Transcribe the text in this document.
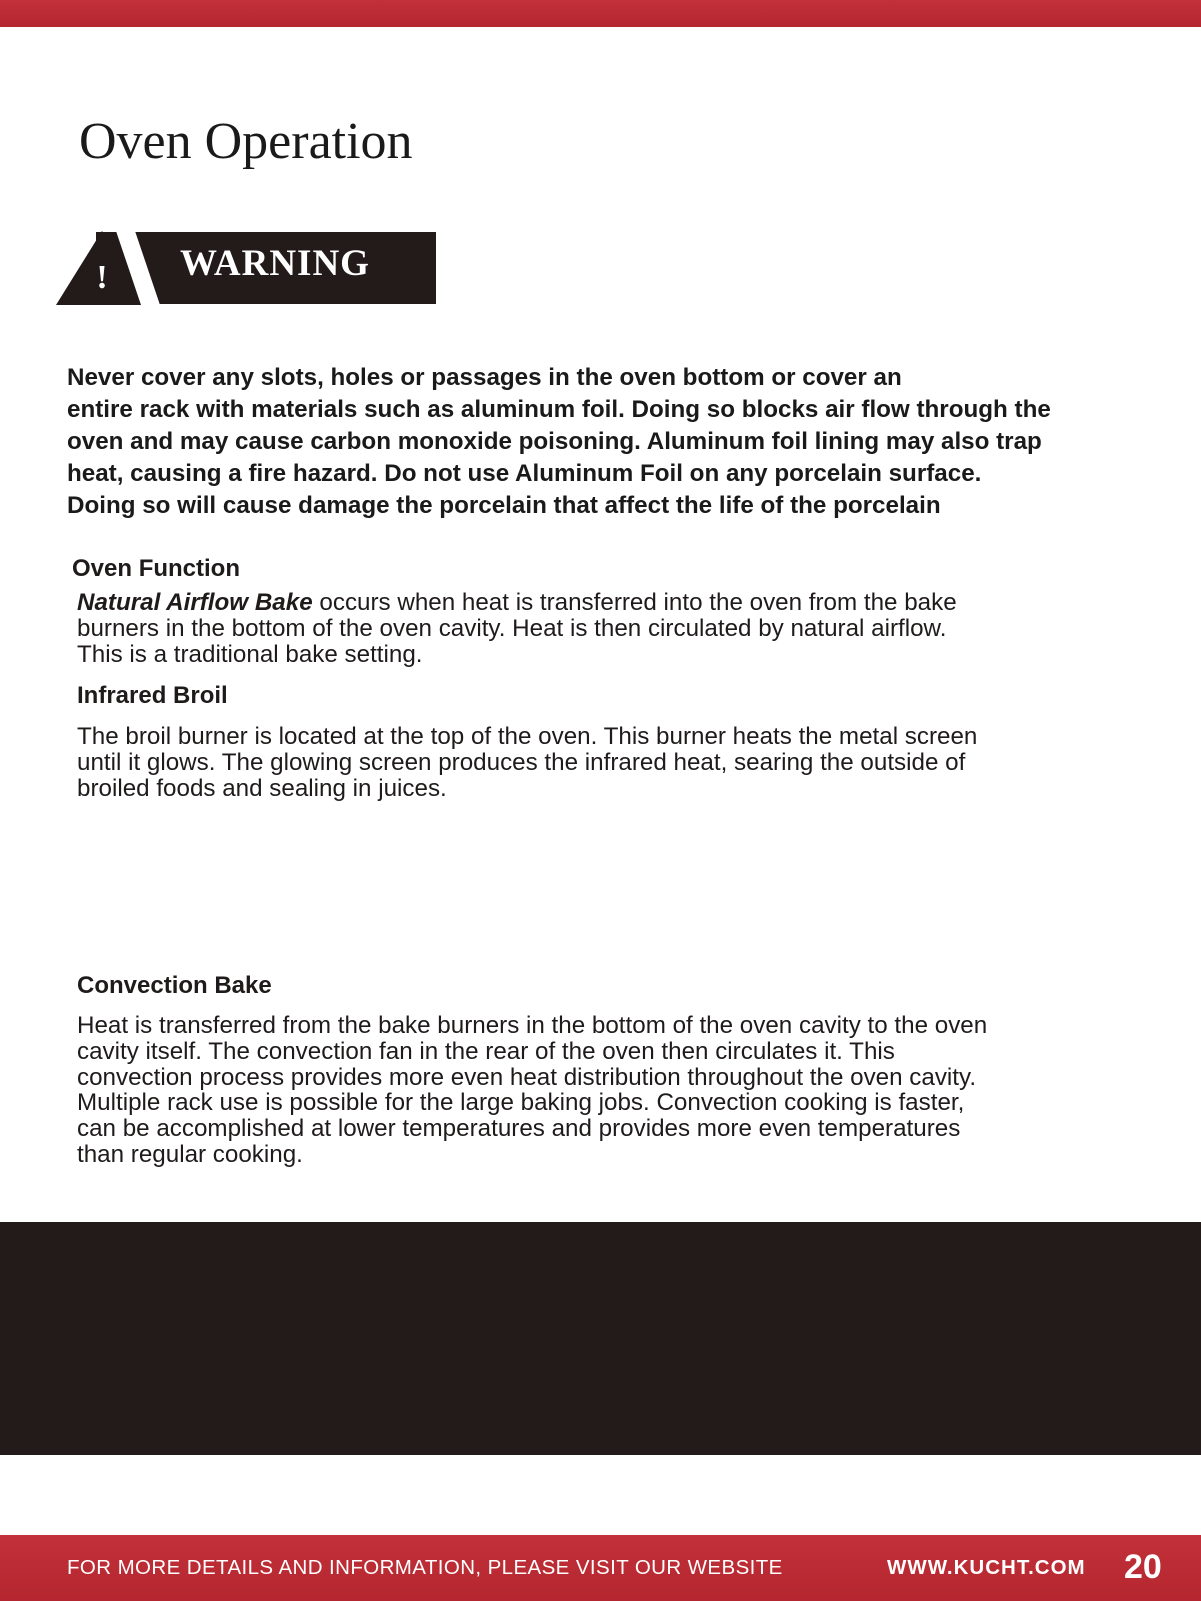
Oven Operation
! WARNING

Never cover any slots, holes or passages in the oven bottom or cover an
entire rack with materials such as aluminum foil. Doing so blocks air flow through the
oven and may cause carbon monoxide poisoning. Aluminum foil lining may also trap
heat, causing a fire hazard. Do not use Aluminum Foil on any porcelain surface.
Doing so will cause damage the porcelain that affect the life of the porcelain

Oven Function

Natural Airflow Bake occurs when heat is transferred into the oven from the bake
burners in the bottom of the oven cavity. Heat is then circulated by natural airflow.
This is a traditional bake setting.

Infrared Broil

The broil burner is located at the top of the oven. This burner heats the metal screen
until it glows. The glowing screen produces the infrared heat, searing the outside of
broiled foods and sealing in juices.

Convection Bake

Heat is transferred from the bake burners in the bottom of the oven cavity to the oven
cavity itself. The convection fan in the rear of the oven then circulates it. This
convection process provides more even heat distribution throughout the oven cavity.
Multiple rack use is possible for the large baking jobs. Convection cooking is faster,
can be accomplished at lower temperatures and provides more even temperatures
than regular cooking.

FOR MORE DETAILS AND INFORMATION, PLEASE VISIT OUR WEBSITE	WWW.KUCHT.COM 20
